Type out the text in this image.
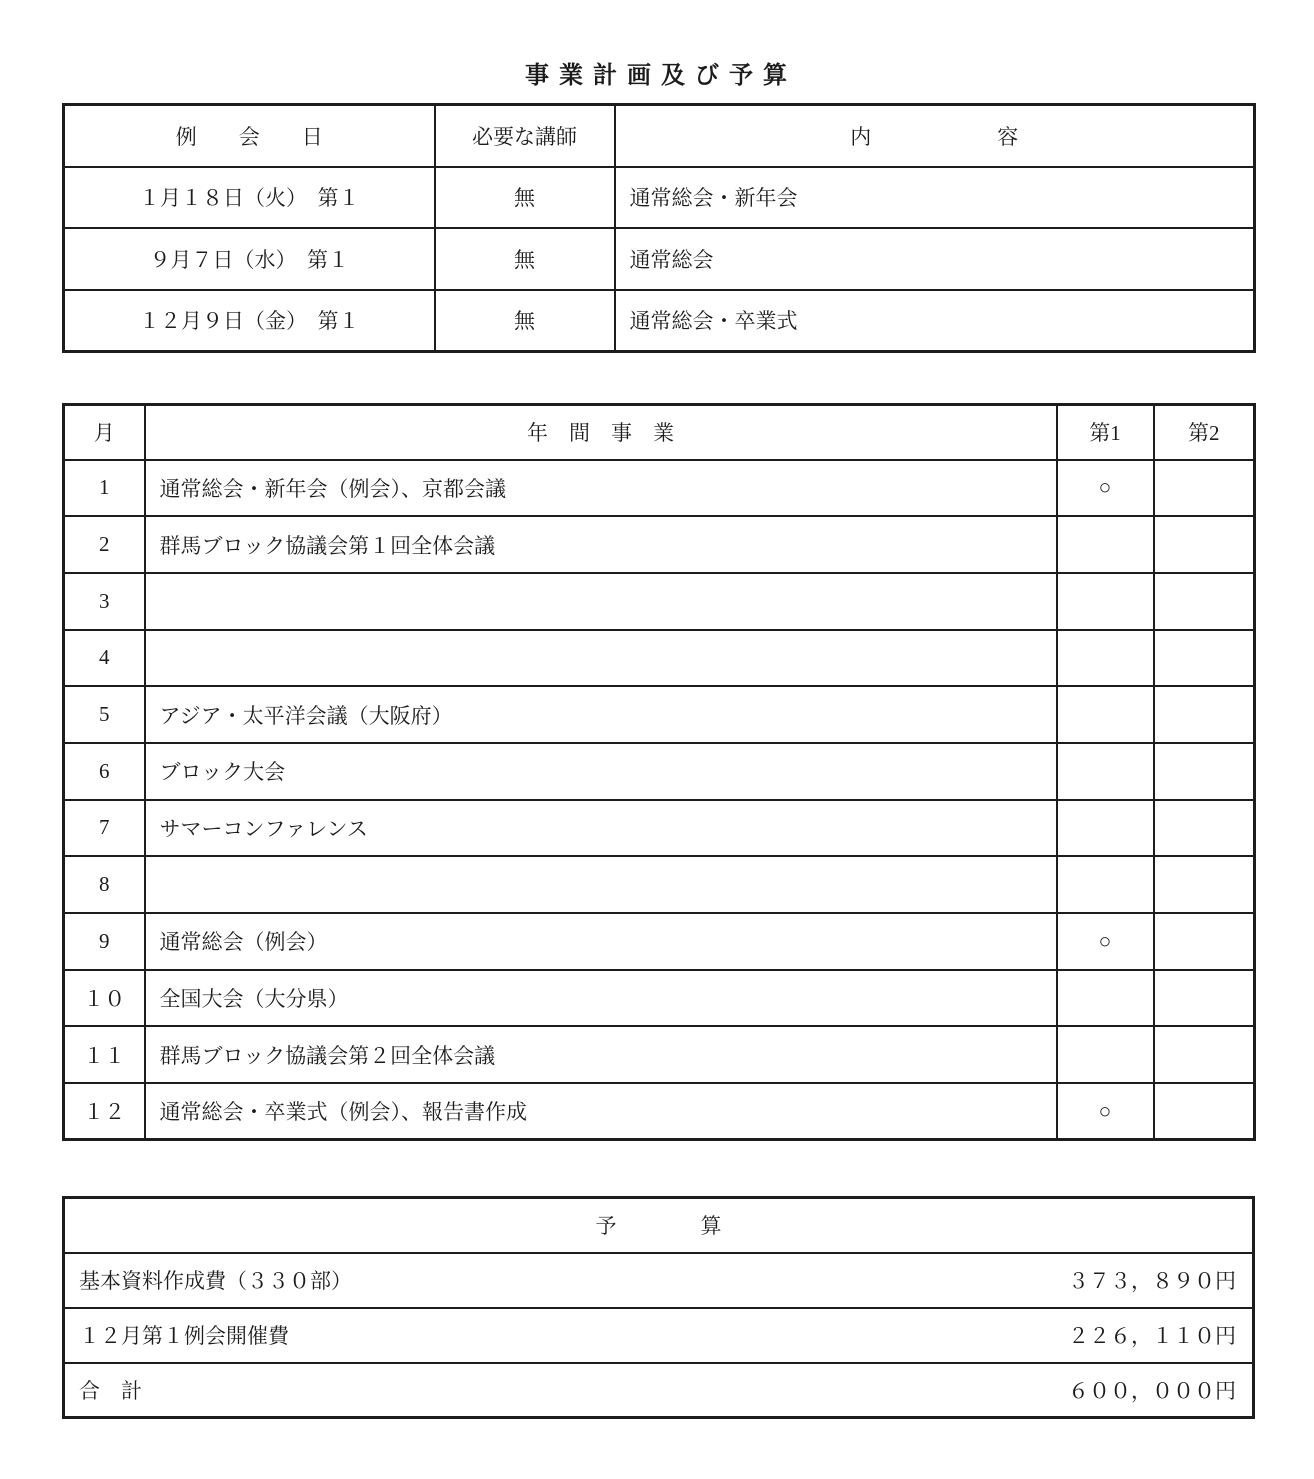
事 業 計 画 及 び 予 算
例　　会　　日	必要な講師	内　　　　　　容
１月１８日（火）　第１	無	通常総会・新年会
９月７日（水）　第１	無	通常総会
１２月９日（金）　第１	無	通常総会・卒業式
月	年　間　事　業	第1	第2
1	通常総会・新年会（例会）、京都会議	○	
2	群馬ブロック協議会第１回全体会議		
3			
4			
5	アジア・太平洋会議（大阪府）		
6	ブロック大会		
7	サマーコンファレンス		
8			
9	通常総会（例会）	○	
１０	全国大会（大分県）		
１１	群馬ブロック協議会第２回全体会議		
１２	通常総会・卒業式（例会）、報告書作成	○	
予　　　　算

基本資料作成費（３３０部）	３７３，８９０円

１２月第１例会開催費	２２６，１１０円

合　計	６００，０００円
